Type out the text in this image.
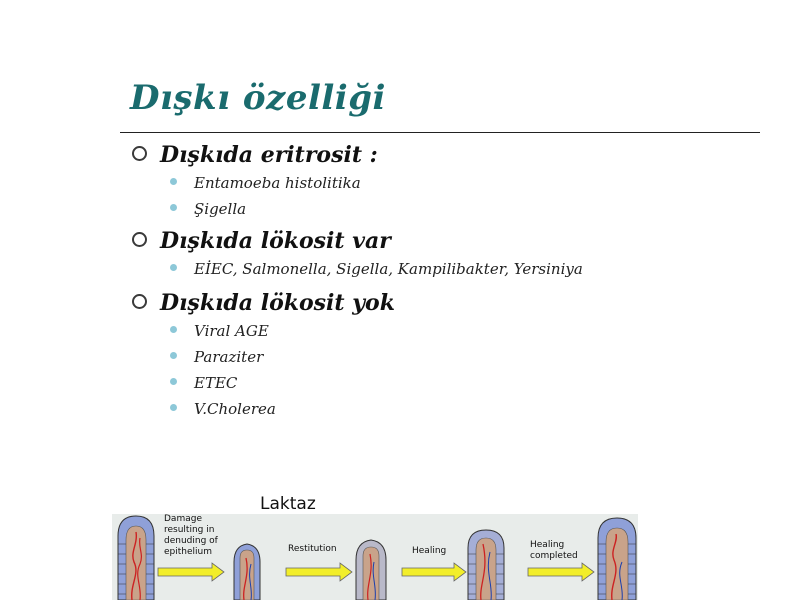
Dışkı özelliği
Dışkıda eritrosit :
Entamoeba histolitika
Şigella
Dışkıda lökosit var
EİEC, Salmonella, Sigella, Kampilibakter, Yersiniya
Dışkıda lökosit yok
Viral AGE
Paraziter
ETEC
V.Cholerea
Laktaz
Damage
resulting in
denuding of
epithelium	Restitution	Healing
Healing
completed
